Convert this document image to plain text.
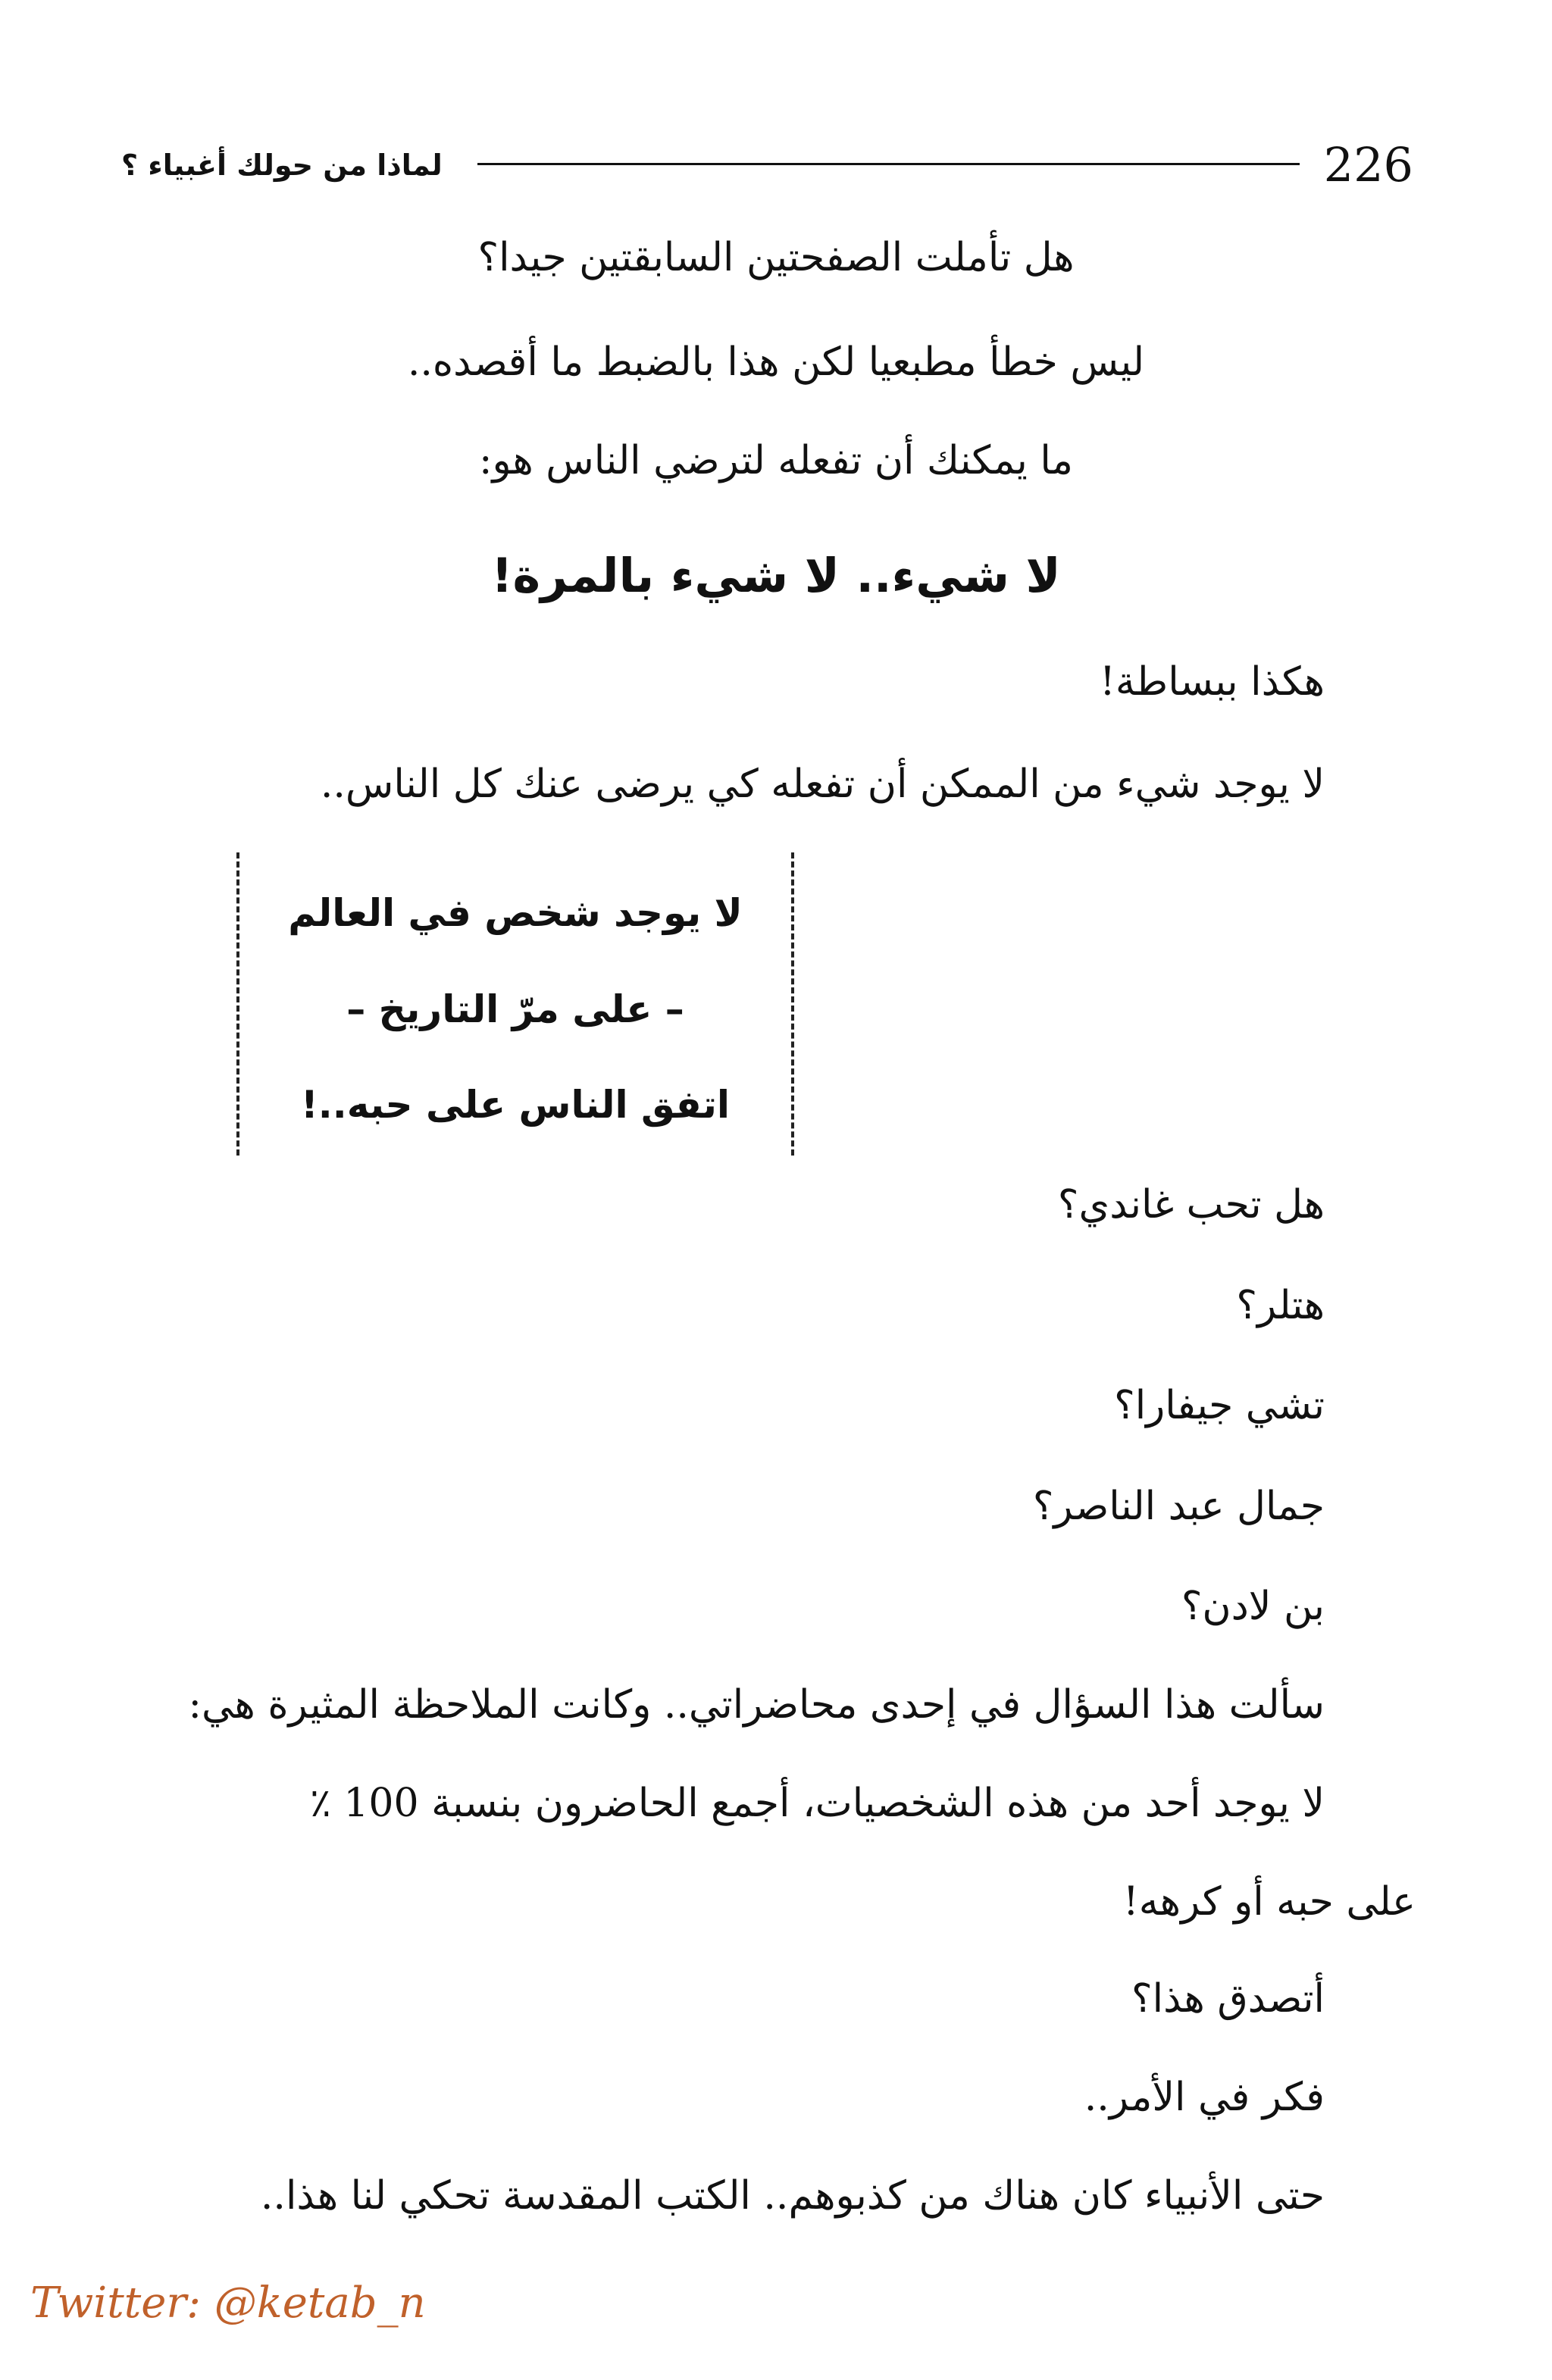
226
لماذا من حولك أغبياء ؟
هل تأملت الصفحتين السابقتين جيدا؟
ليس خطأ مطبعيا لكن هذا بالضبط ما أقصده..
ما يمكنك أن تفعله لترضي الناس هو:
لا شيء.. لا شيء بالمرة!
هكذا ببساطة!
لا يوجد شيء من الممكن أن تفعله كي يرضى عنك كل الناس..
لا يوجد شخص في العالم
– على مرّ التاريخ –
اتفق الناس على حبه..!
هل تحب غاندي؟
هتلر؟
تشي جيفارا؟
جمال عبد الناصر؟
بن لادن؟
سألت هذا السؤال في إحدى محاضراتي.. وكانت الملاحظة المثيرة هي:
لا يوجد أحد من هذه الشخصيات، أجمع الحاضرون بنسبة 100 ٪
على حبه أو كرهه!
أتصدق هذا؟
فكر في الأمر..
حتى الأنبياء كان هناك من كذبوهم.. الكتب المقدسة تحكي لنا هذا..
Twitter: @ketab_n
